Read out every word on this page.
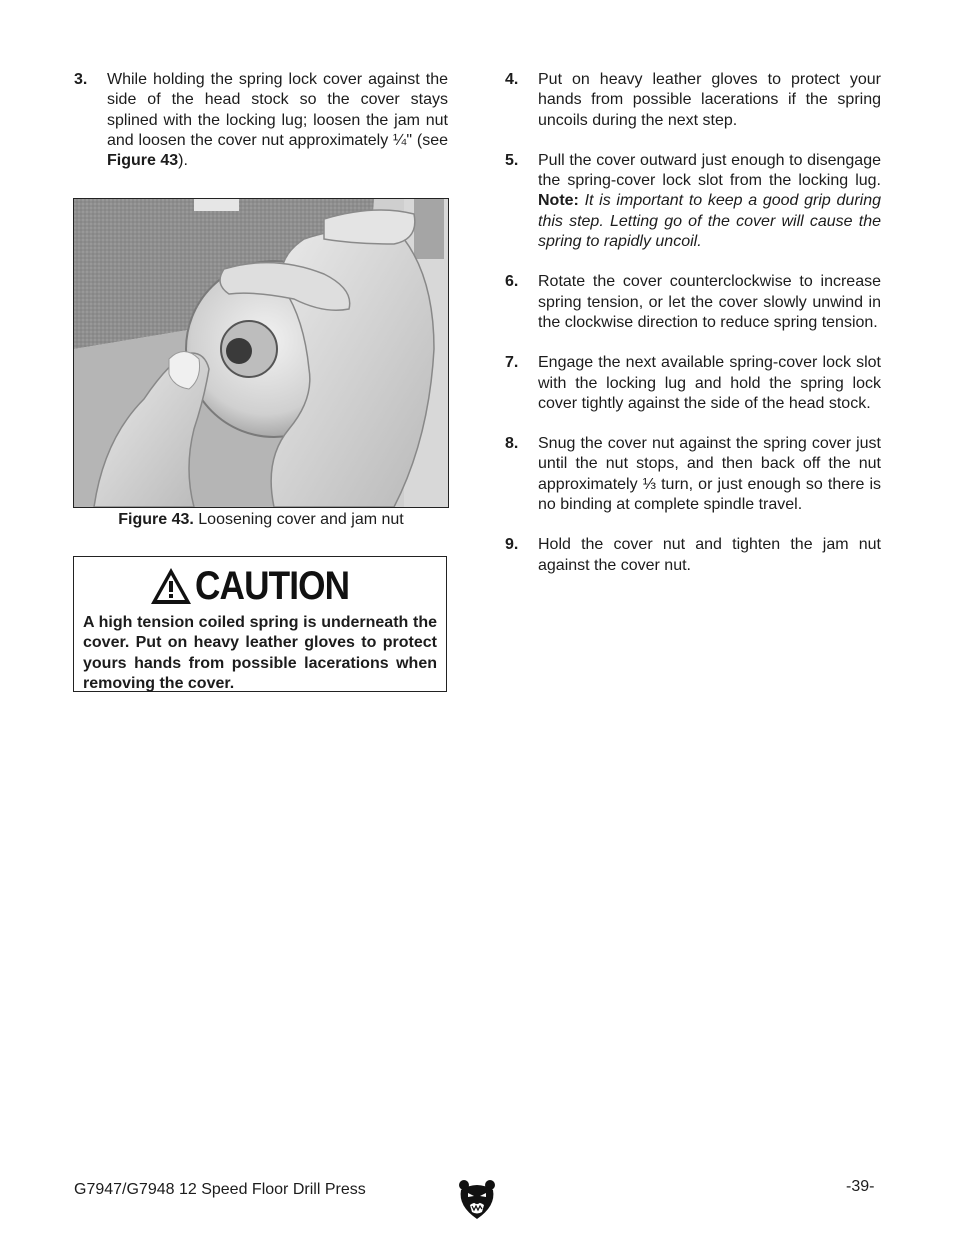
3.	While holding the spring lock cover against the side of the head stock so the cover stays splined with the locking lug; loosen the jam nut and loosen the cover nut approximately ¼" (see Figure 43).
Figure 43. Loosening cover and jam nut
CAUTION
A high tension coiled spring is underneath the cover. Put on heavy leather gloves to protect yours hands from possible lacerations when removing the cover.
4.	Put on heavy leather gloves to protect your hands from possible lacerations if the spring uncoils during the next step.
5.	Pull the cover outward just enough to disengage the spring-cover lock slot from the locking lug. Note: It is important to keep a good grip during this step. Letting go of the cover will cause the spring to rapidly uncoil.
6.	Rotate the cover counterclockwise to increase spring tension, or let the cover slowly unwind in the clockwise direction to reduce spring tension.
7.	Engage the next available spring-cover lock slot with the locking lug and hold the spring lock cover tightly against the side of the head stock.
8.	Snug the cover nut against the spring cover just until the nut stops, and then back off the nut approximately ⅓ turn, or just enough so there is no binding at complete spindle travel.
9.	Hold the cover nut and tighten the jam nut against the cover nut.
G7947/G7948 12 Speed Floor Drill Press	-39-
